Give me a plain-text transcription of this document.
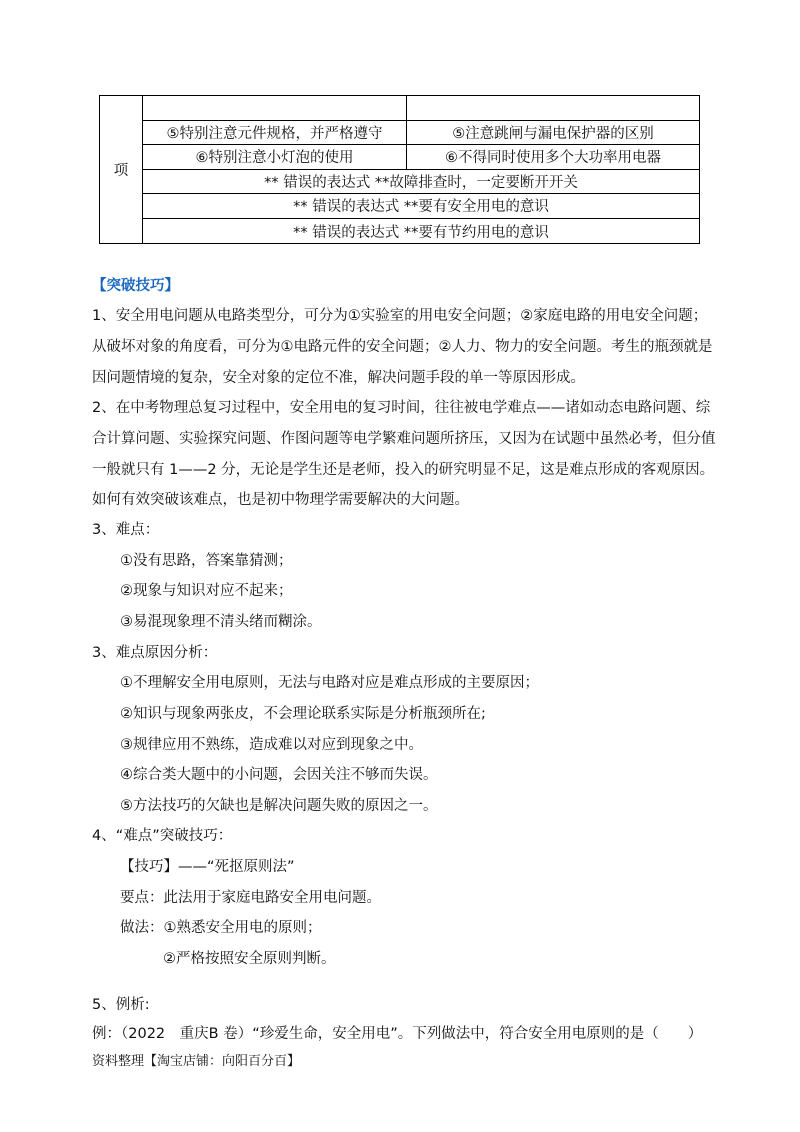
项
⑤特别注意元件规格，并严格遵守	⑤注意跳闸与漏电保护器的区别
⑥特别注意小灯泡的使用	⑥不得同时使用多个大功率用电器
** 错误的表达式 **故障排查时，一定要断开开关
** 错误的表达式 **要有安全用电的意识
** 错误的表达式 **要有节约用电的意识
【突破技巧】
1、安全用电问题从电路类型分，可分为①实验室的用电安全问题；②家庭电路的用电安全问题；
从破坏对象的角度看，可分为①电路元件的安全问题；②人力、物力的安全问题。考生的瓶颈就是
因问题情境的复杂，安全对象的定位不准，解决问题手段的单一等原因形成。
2、在中考物理总复习过程中，安全用电的复习时间，往往被电学难点——诸如动态电路问题、综
合计算问题、实验探究问题、作图问题等电学繁难问题所挤压，又因为在试题中虽然必考，但分值
一般就只有 1——2 分，无论是学生还是老师，投入的研究明显不足，这是难点形成的客观原因。
如何有效突破该难点，也是初中物理学需要解决的大问题。
3、难点：
①没有思路，答案靠猜测；
②现象与知识对应不起来；
③易混现象理不清头绪而糊涂。
3、难点原因分析：
①不理解安全用电原则，无法与电路对应是难点形成的主要原因；
②知识与现象两张皮，不会理论联系实际是分析瓶颈所在;
③规律应用不熟练，造成难以对应到现象之中。
④综合类大题中的小问题，会因关注不够而失误。
⑤方法技巧的欠缺也是解决问题失败的原因之一。
4、“难点”突破技巧：
【技巧】——“死抠原则法”
要点：此法用于家庭电路安全用电问题。
做法：①熟悉安全用电的原则；
②严格按照安全原则判断。
5、例析:
例：（2022　重庆B 卷）“珍爱生命，安全用电”。下列做法中，符合安全用电原则的是（　　）
资料整理【淘宝店铺：向阳百分百】
